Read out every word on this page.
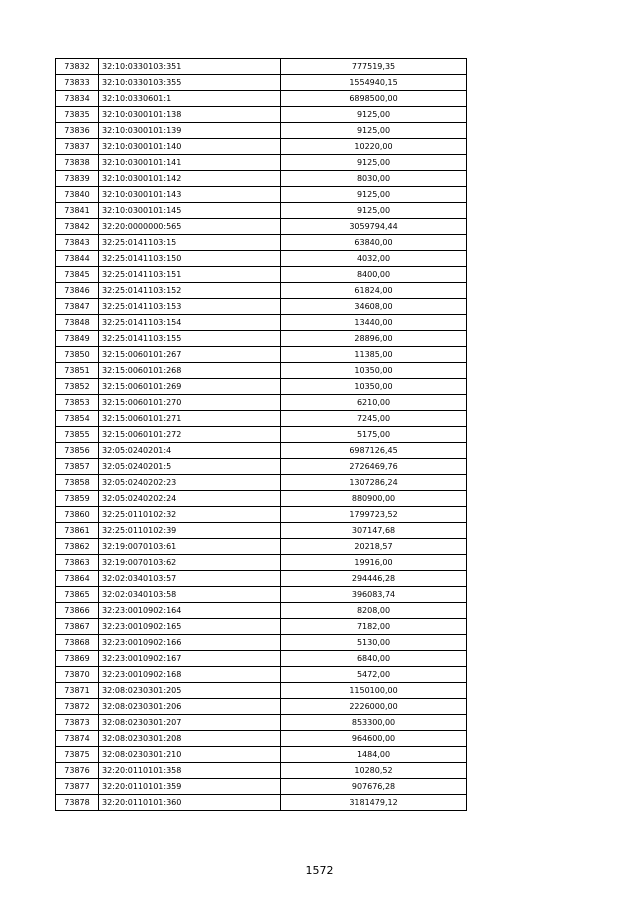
73832	32:10:0330103:351	777519,35
73833	32:10:0330103:355	1554940,15
73834	32:10:0330601:1	6898500,00
73835	32:10:0300101:138	9125,00
73836	32:10:0300101:139	9125,00
73837	32:10:0300101:140	10220,00
73838	32:10:0300101:141	9125,00
73839	32:10:0300101:142	8030,00
73840	32:10:0300101:143	9125,00
73841	32:10:0300101:145	9125,00
73842	32:20:0000000:565	3059794,44
73843	32:25:0141103:15	63840,00
73844	32:25:0141103:150	4032,00
73845	32:25:0141103:151	8400,00
73846	32:25:0141103:152	61824,00
73847	32:25:0141103:153	34608,00
73848	32:25:0141103:154	13440,00
73849	32:25:0141103:155	28896,00
73850	32:15:0060101:267	11385,00
73851	32:15:0060101:268	10350,00
73852	32:15:0060101:269	10350,00
73853	32:15:0060101:270	6210,00
73854	32:15:0060101:271	7245,00
73855	32:15:0060101:272	5175,00
73856	32:05:0240201:4	6987126,45
73857	32:05:0240201:5	2726469,76
73858	32:05:0240202:23	1307286,24
73859	32:05:0240202:24	880900,00
73860	32:25:0110102:32	1799723,52
73861	32:25:0110102:39	307147,68
73862	32:19:0070103:61	20218,57
73863	32:19:0070103:62	19916,00
73864	32:02:0340103:57	294446,28
73865	32:02:0340103:58	396083,74
73866	32:23:0010902:164	8208,00
73867	32:23:0010902:165	7182,00
73868	32:23:0010902:166	5130,00
73869	32:23:0010902:167	6840,00
73870	32:23:0010902:168	5472,00
73871	32:08:0230301:205	1150100,00
73872	32:08:0230301:206	2226000,00
73873	32:08:0230301:207	853300,00
73874	32:08:0230301:208	964600,00
73875	32:08:0230301:210	1484,00
73876	32:20:0110101:358	10280,52
73877	32:20:0110101:359	907676,28
73878	32:20:0110101:360	3181479,12
1572
